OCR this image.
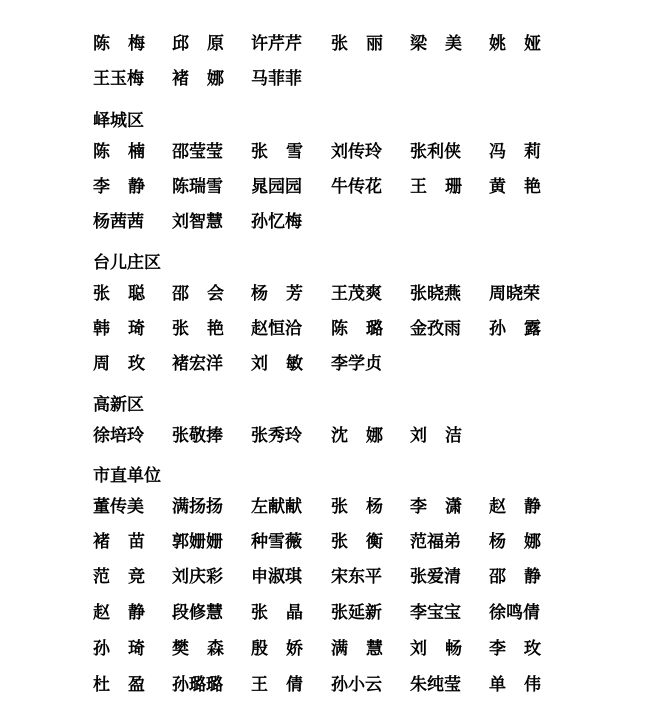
陈梅 邱原 许芹芹 张丽 梁美 姚娅
王玉梅 褚娜 马菲菲
峄城区
陈楠 邵莹莹 张雪 刘传玲 张利侠 冯莉
李静 陈瑞雪 晁园园 牛传花 王珊 黄艳
杨茜茜 刘智慧 孙忆梅
台儿庄区
张聪 邵会 杨芳 王茂爽 张晓燕 周晓荣
韩琦 张艳 赵恒洽 陈璐 金孜雨 孙露
周玫 褚宏洋 刘敏 李学贞
高新区
徐培玲 张敬捧 张秀玲 沈娜 刘洁
市直单位
董传美 满扬扬 左献献 张杨 李潇 赵静
褚苗 郭姗姗 种雪薇 张衡 范福弟 杨娜
范竞 刘庆彩 申淑琪 宋东平 张爱清 邵静
赵静 段修慧 张晶 张延新 李宝宝 徐鸣倩
孙琦 樊森 殷娇 满慧 刘畅 李玫
杜盈 孙璐璐 王倩 孙小云 朱纯莹 单伟
